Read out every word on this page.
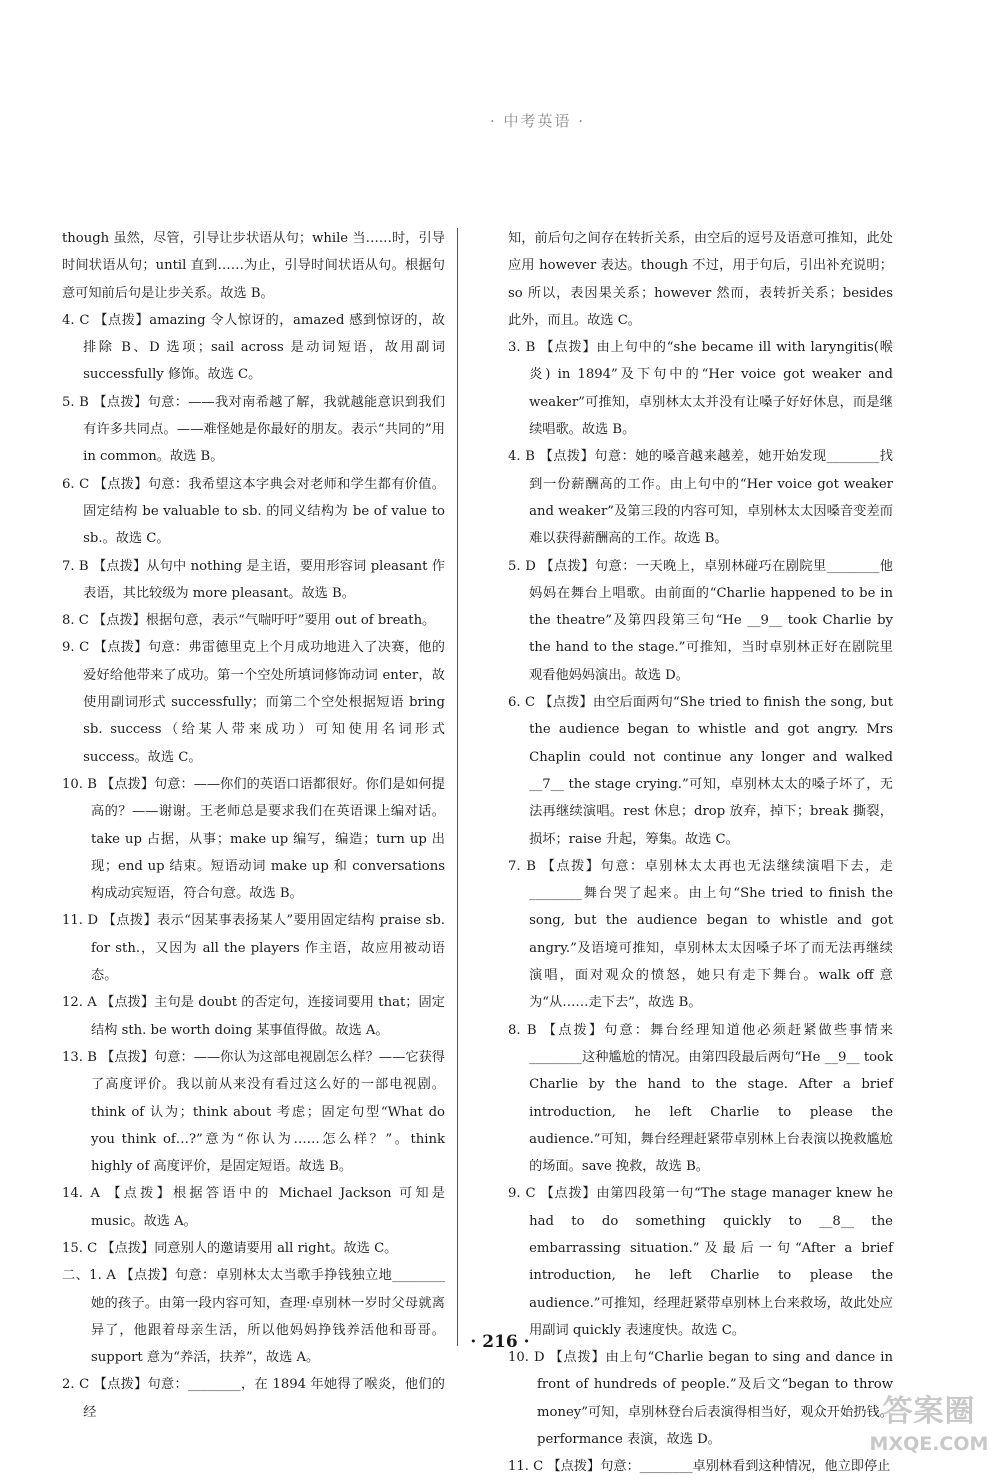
· 中考英语 ·

though 虽然，尽管，引导让步状语从句；while 当……时，引导时间状语从句；until 直到……为止，引导时间状语从句。根据句意可知前后句是让步关系。故选 B。

4. C 【点拨】amazing 令人惊讶的，amazed 感到惊讶的，故排除 B、D 选项；sail across 是动词短语，故用副词 successfully 修饰。故选 C。

5. B 【点拨】句意：——我对南希越了解，我就越能意识到我们有许多共同点。——难怪她是你最好的朋友。表示“共同的”用 in common。故选 B。

6. C 【点拨】句意：我希望这本字典会对老师和学生都有价值。固定结构 be valuable to sb. 的同义结构为 be of value to sb.。故选 C。

7. B 【点拨】从句中 nothing 是主语，要用形容词 pleasant 作表语，其比较级为 more pleasant。故选 B。

8. C 【点拨】根据句意，表示“气喘吁吁”要用 out of breath。

9. C 【点拨】句意：弗雷德里克上个月成功地进入了决赛，他的爱好给他带来了成功。第一个空处所填词修饰动词 enter，故使用副词形式 successfully；而第二个空处根据短语 bring sb. success（给某人带来成功）可知使用名词形式 success。故选 C。

10. B 【点拨】句意：——你们的英语口语都很好。你们是如何提高的？——谢谢。王老师总是要求我们在英语课上编对话。take up 占据，从事；make up 编写，编造；turn up 出现；end up 结束。短语动词 make up 和 conversations 构成动宾短语，符合句意。故选 B。

11. D 【点拨】表示“因某事表扬某人”要用固定结构 praise sb. for sth.，又因为 all the players 作主语，故应用被动语态。

12. A 【点拨】主句是 doubt 的否定句，连接词要用 that；固定结构 sth. be worth doing 某事值得做。故选 A。

13. B 【点拨】句意：——你认为这部电视剧怎么样？——它获得了高度评价。我以前从来没有看过这么好的一部电视剧。think of 认为；think about 考虑；固定句型“What do you think of…?”意为“你认为……怎么样？”。think highly of 高度评价，是固定短语。故选 B。

14. A 【点拨】根据答语中的 Michael Jackson 可知是 music。故选 A。

15. C 【点拨】同意别人的邀请要用 all right。故选 C。

二、1. A 【点拨】句意：卓别林太太当歌手挣钱独立地________她的孩子。由第一段内容可知，查理·卓别林一岁时父母就离异了，他跟着母亲生活，所以他妈妈挣钱养活他和哥哥。support 意为“养活，扶养”，故选 A。

2. C 【点拨】句意：________，在 1894 年她得了喉炎，他们的经

知，前后句之间存在转折关系，由空后的逗号及语意可推知，此处应用 however 表达。though 不过，用于句后，引出补充说明；so 所以，表因果关系；however 然而，表转折关系；besides 此外，而且。故选 C。

3. B 【点拨】由上句中的“she became ill with laryngitis(喉炎) in 1894”及下句中的“Her voice got weaker and weaker”可推知，卓别林太太并没有让嗓子好好休息，而是继续唱歌。故选 B。

4. B 【点拨】句意：她的嗓音越来越差，她开始发现________找到一份薪酬高的工作。由上句中的“Her voice got weaker and weaker”及第三段的内容可知，卓别林太太因嗓音变差而难以获得薪酬高的工作。故选 B。

5. D 【点拨】句意：一天晚上，卓别林碰巧在剧院里________他妈妈在舞台上唱歌。由前面的“Charlie happened to be in the theatre”及第四段第三句“He __9__ took Charlie by the hand to the stage.”可推知，当时卓别林正好在剧院里观看他妈妈演出。故选 D。

6. C 【点拨】由空后面两句“She tried to finish the song, but the audience began to whistle and got angry. Mrs Chaplin could not continue any longer and walked __7__ the stage crying.”可知，卓别林太太的嗓子坏了，无法再继续演唱。rest 休息；drop 放弃，掉下；break 撕裂，损坏；raise 升起，筹集。故选 C。

7. B 【点拨】句意：卓别林太太再也无法继续演唱下去，走________舞台哭了起来。由上句“She tried to finish the song, but the audience began to whistle and got angry.”及语境可推知，卓别林太太因嗓子坏了而无法再继续演唱，面对观众的愤怒，她只有走下舞台。walk off 意为“从……走下去”，故选 B。

8. B 【点拨】句意：舞台经理知道他必须赶紧做些事情来________这种尴尬的情况。由第四段最后两句“He __9__ took Charlie by the hand to the stage. After a brief introduction, he left Charlie to please the audience.”可知，舞台经理赶紧带卓别林上台表演以挽救尴尬的场面。save 挽救，故选 B。

9. C 【点拨】由第四段第一句“The stage manager knew he had to do something quickly to __8__ the embarrassing situation.”及最后一句“After a brief introduction, he left Charlie to please the audience.”可推知，经理赶紧带卓别林上台来救场，故此处应用副词 quickly 表速度快。故选 C。

10. D 【点拨】由上句“Charlie began to sing and dance in front of hundreds of people.”及后文“began to throw money”可知，卓别林登台后表演得相当好，观众开始扔钱。performance 表演，故选 D。

11. C 【点拨】句意：________卓别林看到这种情况，他立即停止

· 216 ·
答案圈
MXQE.COM
